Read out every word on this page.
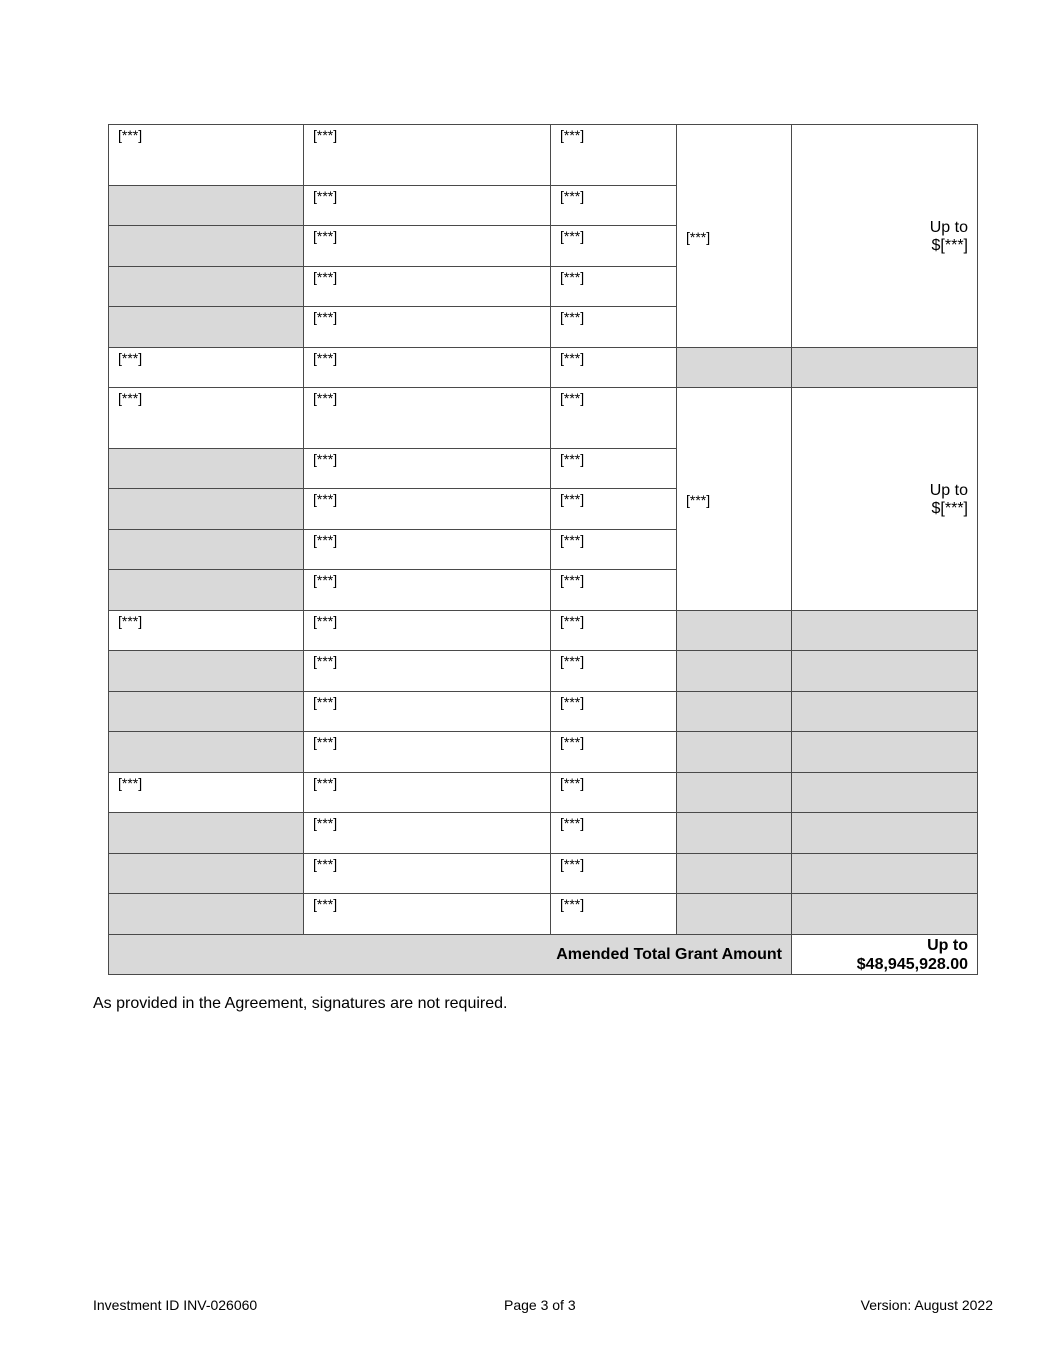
[***]	[***]	[***]	[***]	Up to
$[***]
	[***]	[***]		
	[***]	[***]		
	[***]	[***]		
	[***]	[***]		
[***]	[***]	[***]		
[***]	[***]	[***]	[***]	Up to
$[***]
	[***]	[***]		
	[***]	[***]		
	[***]	[***]		
	[***]	[***]		
[***]	[***]	[***]		
	[***]	[***]		
	[***]	[***]		
	[***]	[***]		
[***]	[***]	[***]		
	[***]	[***]		
	[***]	[***]		
	[***]	[***]		
Amended Total Grant Amount				Up to
$48,945,928.00
As provided in the Agreement, signatures are not required.
Investment ID INV-026060	Page 3 of 3	Version: August 2022
